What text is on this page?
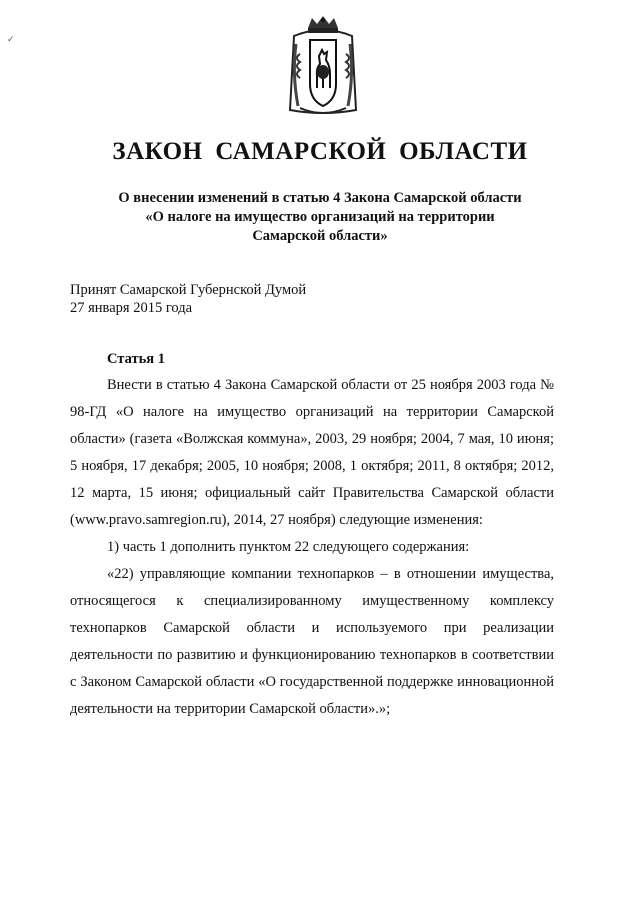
✓
ЗАКОН САМАРСКОЙ ОБЛАСТИ
О внесении изменений в статью 4 Закона Самарской области
«О налоге на имущество организаций на территории
Самарской области»
Принят Самарской Губернской Думой
27 января 2015 года
Статья 1

Внести в статью 4 Закона Самарской области от 25 ноября 2003 года № 98-ГД «О налоге на имущество организаций на территории Самарской области» (газета «Волжская коммуна», 2003, 29 ноября; 2004, 7 мая, 10 июня; 5 ноября, 17 декабря; 2005, 10 ноября; 2008, 1 октября; 2011, 8 октября; 2012, 12 марта, 15 июня; официальный сайт Правительства Самарской области (www.pravo.samregion.ru), 2014, 27 ноября) следующие изменения:

1) часть 1 дополнить пунктом 22 следующего содержания:

«22) управляющие компании технопарков – в отношении имущества, относящегося к специализированному имущественному комплексу технопарков Самарской области и используемого при реализации деятельности по развитию и функционированию технопарков в соответствии с Законом Самарской области «О государственной поддержке инновационной деятельности на территории Самарской области».»;
